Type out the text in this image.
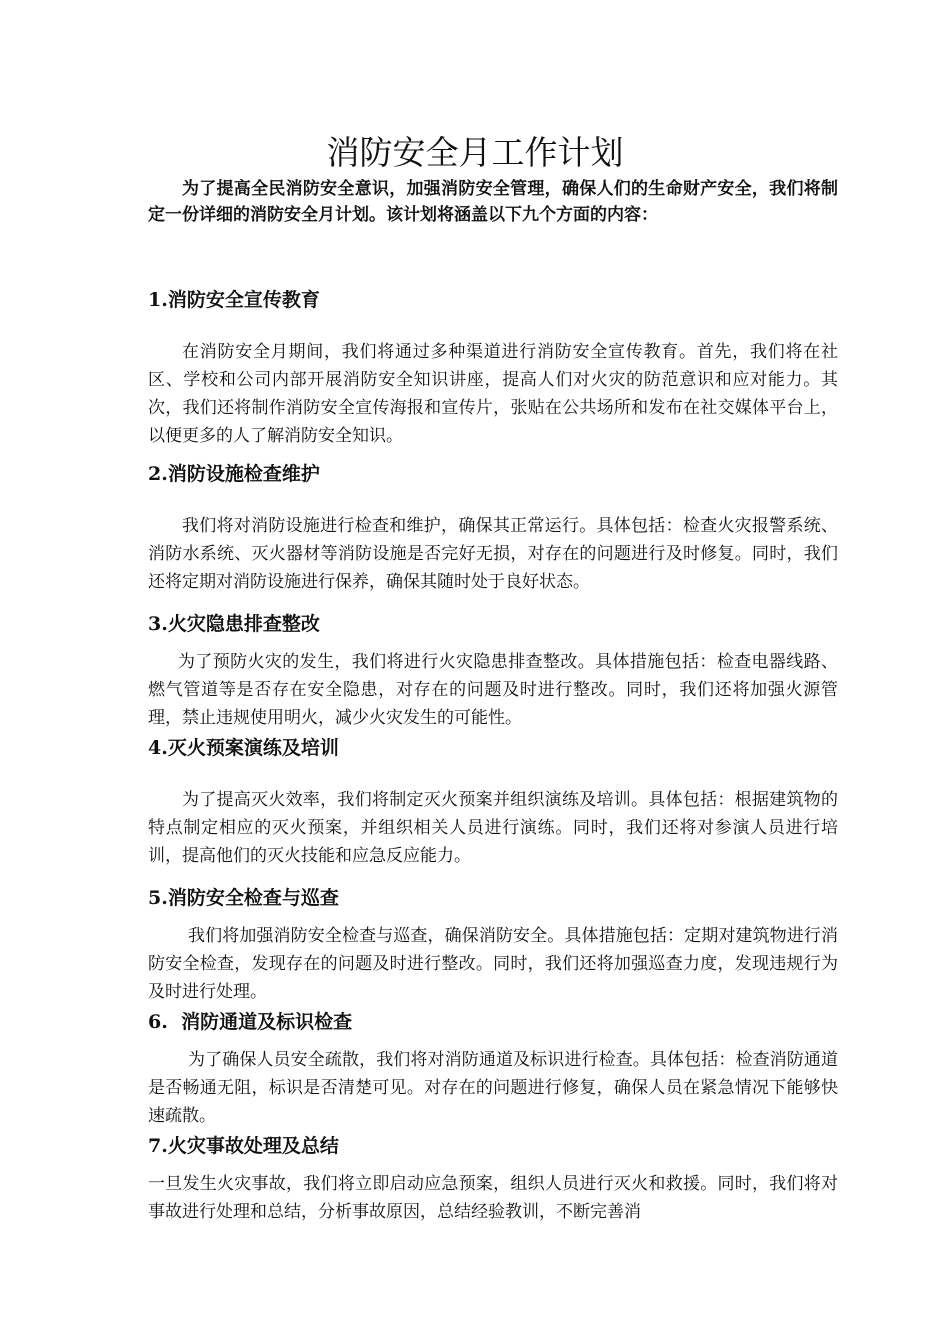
消防安全月工作计划

为了提高全民消防安全意识，加强消防安全管理，确保人们的生命财产安全，我们将制定一份详细的消防安全月计划。该计划将涵盖以下九个方面的内容：

1.消防安全宣传教育

在消防安全月期间，我们将通过多种渠道进行消防安全宣传教育。首先，我们将在社区、学校和公司内部开展消防安全知识讲座，提高人们对火灾的防范意识和应对能力。其次，我们还将制作消防安全宣传海报和宣传片，张贴在公共场所和发布在社交媒体平台上，以便更多的人了解消防安全知识。

2.消防设施检查维护

我们将对消防设施进行检查和维护，确保其正常运行。具体包括：检查火灾报警系统、消防水系统、灭火器材等消防设施是否完好无损，对存在的问题进行及时修复。同时，我们还将定期对消防设施进行保养，确保其随时处于良好状态。

3.火灾隐患排查整改

为了预防火灾的发生，我们将进行火灾隐患排查整改。具体措施包括：检查电器线路、燃气管道等是否存在安全隐患，对存在的问题及时进行整改。同时，我们还将加强火源管理，禁止违规使用明火，减少火灾发生的可能性。

4.灭火预案演练及培训

为了提高灭火效率，我们将制定灭火预案并组织演练及培训。具体包括：根据建筑物的特点制定相应的灭火预案，并组织相关人员进行演练。同时，我们还将对参演人员进行培训，提高他们的灭火技能和应急反应能力。

5.消防安全检查与巡查

我们将加强消防安全检查与巡查，确保消防安全。具体措施包括：定期对建筑物进行消防安全检查，发现存在的问题及时进行整改。同时，我们还将加强巡查力度，发现违规行为及时进行处理。

6.  消防通道及标识检查

为了确保人员安全疏散，我们将对消防通道及标识进行检查。具体包括：检查消防通道是否畅通无阻，标识是否清楚可见。对存在的问题进行修复，确保人员在紧急情况下能够快速疏散。

7.火灾事故处理及总结

一旦发生火灾事故，我们将立即启动应急预案，组织人员进行灭火和救援。同时，我们将对事故进行处理和总结，分析事故原因，总结经验教训，不断完善消
